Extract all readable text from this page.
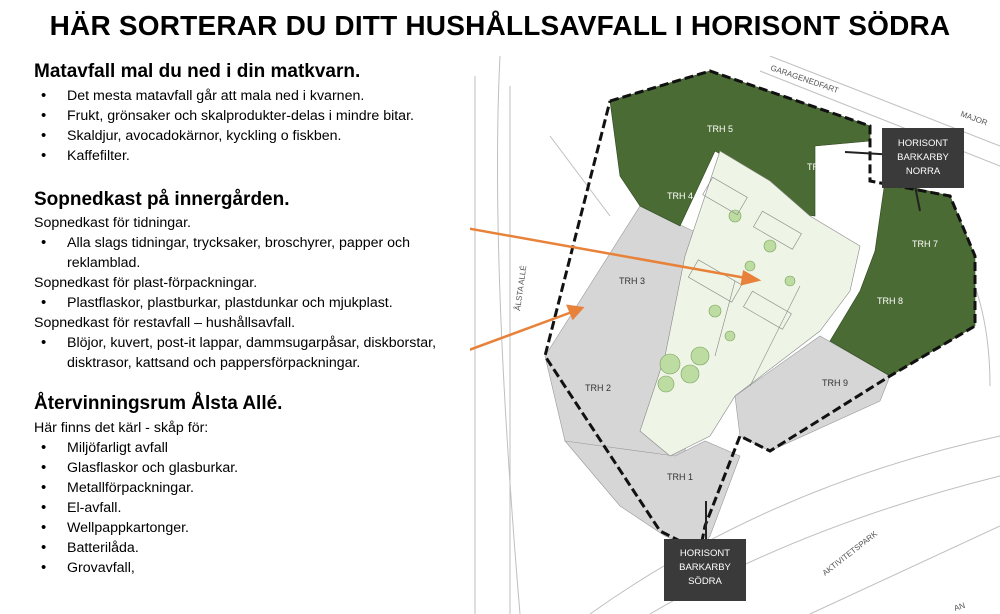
HÄR SORTERAR DU DITT HUSHÅLLSAVFALL I HORISONT SÖDRA
Matavfall mal du ned i din matkvarn.
• Det mesta matavfall går att mala ned i kvarnen.
• Frukt, grönsaker och skalprodukter-delas i mindre bitar.
• Skaldjur, avocadokärnor, kyckling o fiskben.
• Kaffefilter.
Sopnedkast på innergården.
Sopnedkast för tidningar.
• Alla slags tidningar, trycksaker, broschyrer, papper och reklamblad.
Sopnedkast för plast-förpackningar.
• Plastflaskor, plastburkar, plastdunkar och mjukplast.
Sopnedkast för restavfall – hushållsavfall.
• Blöjor, kuvert, post-it lappar, dammsugarpåsar, diskborstar, disktrasor, kattsand och pappersförpackningar.
Återvinningsrum Ålsta Allé.
Här finns det kärl - skåp för:
• Miljöfarligt avfall
• Glasflaskor och glasburkar.
• Metallförpackningar.
• El-avfall.
• Wellpappkartonger.
• Batterilåda.
• Grovavfall,
TRH 5
TRH 6
TRH 4
TRH 7
TRH 8
TRH 3
TRH 2	TRH 9
TRH 1
GARAGENEDFART
MAJOR
ÅLSTA ALLÉ
AKTIVITETSPARK
AN
HORISONT
BARKARBY
NORRA
HORISONT
BARKARBY
SÖDRA
